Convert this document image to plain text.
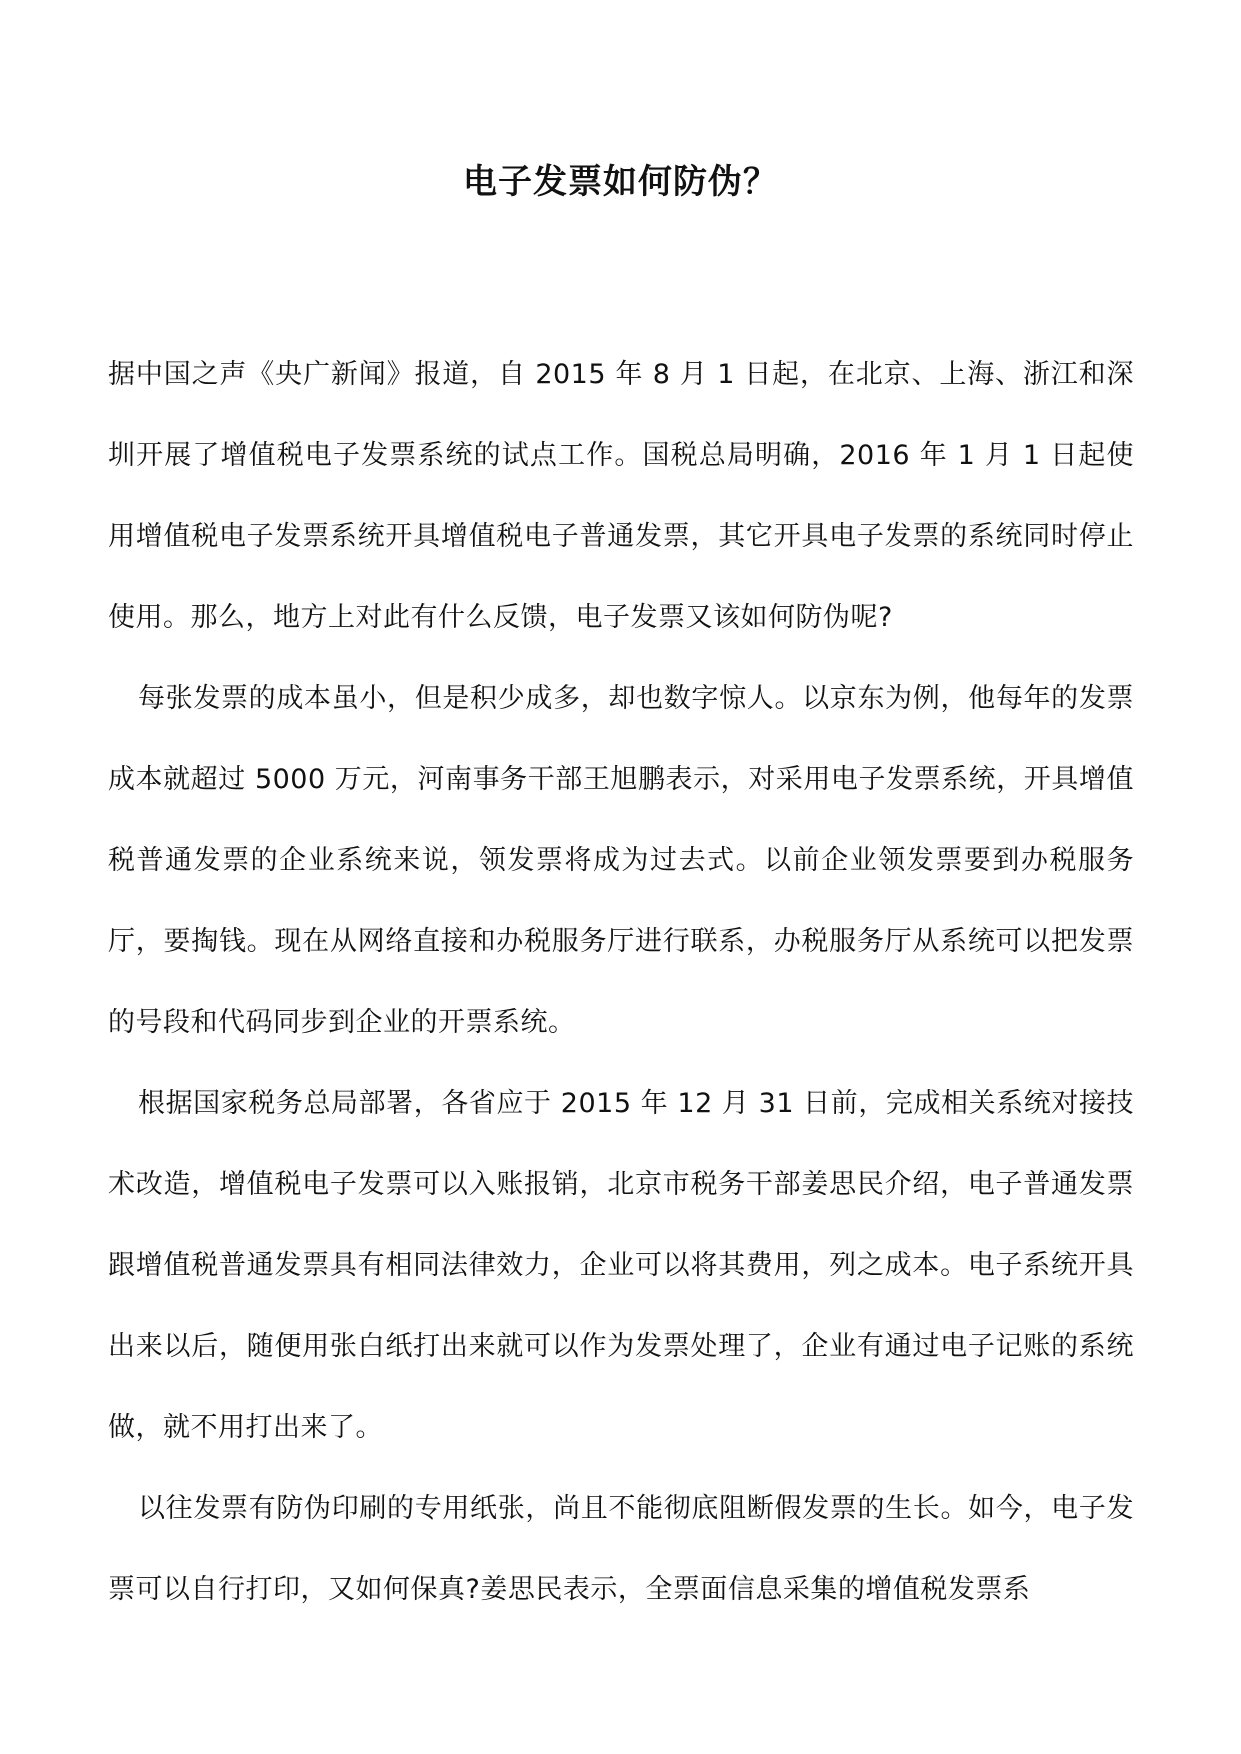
电子发票如何防伪？

据中国之声《央广新闻》报道，自 2015 年 8 月 1 日起，在北京、上海、浙江和深圳开展了增值税电子发票系统的试点工作。国税总局明确，2016 年 1 月 1 日起使用增值税电子发票系统开具增值税电子普通发票，其它开具电子发票的系统同时停止使用。那么，地方上对此有什么反馈，电子发票又该如何防伪呢?

每张发票的成本虽小，但是积少成多，却也数字惊人。以京东为例，他每年的发票成本就超过 5000 万元，河南事务干部王旭鹏表示，对采用电子发票系统，开具增值税普通发票的企业系统来说，领发票将成为过去式。以前企业领发票要到办税服务厅，要掏钱。现在从网络直接和办税服务厅进行联系，办税服务厅从系统可以把发票的号段和代码同步到企业的开票系统。

根据国家税务总局部署，各省应于 2015 年 12 月 31 日前，完成相关系统对接技术改造，增值税电子发票可以入账报销，北京市税务干部姜思民介绍，电子普通发票跟增值税普通发票具有相同法律效力，企业可以将其费用，列之成本。电子系统开具出来以后，随便用张白纸打出来就可以作为发票处理了，企业有通过电子记账的系统做，就不用打出来了。

以往发票有防伪印刷的专用纸张，尚且不能彻底阻断假发票的生长。如今，电子发票可以自行打印，又如何保真?姜思民表示，全票面信息采集的增值税发票系
